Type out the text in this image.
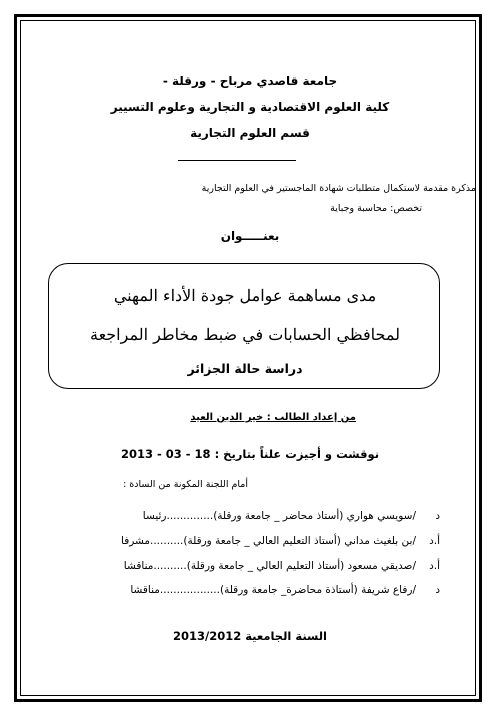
جامعة قاصدي مرباح - ورقلة -
كلية العلوم الاقتصادية و التجارية وعلوم التسيير
قسم العلوم التجارية
مذكرة مقدمة لاستكمال متطلبات شهادة الماجستير في العلوم التجارية
تخصص: محاسبة وجباية
بعنـــــوان
مدى مساهمة عوامل جودة الأداء المهني
لمحافظي الحسابات في ضبط مخاطر المراجعة
دراسة حالة الجزائر
من إعداد الطالب : خير الدين العيد
نوقشت و أجيزت علناً بتاريخ : 18 - 03 - 2013
أمام اللجنة المكونة من السادة :
د
/سويسي هواري (أستاذ محاضر _ جامعة ورقلة)..............رئيسا
أ.د
/بن بلغيث مداني (أستاذ التعليم العالي _ جامعة ورقلة)..........مشرفا
أ.د
/صديقي مسعود (أستاذ التعليم العالي _ جامعة ورقلة)..........مناقشا
د
/رفاع شريفة (أستاذة محاضرة_ جامعة ورقلة)..................مناقشا
السنة الجامعية 2013/2012
